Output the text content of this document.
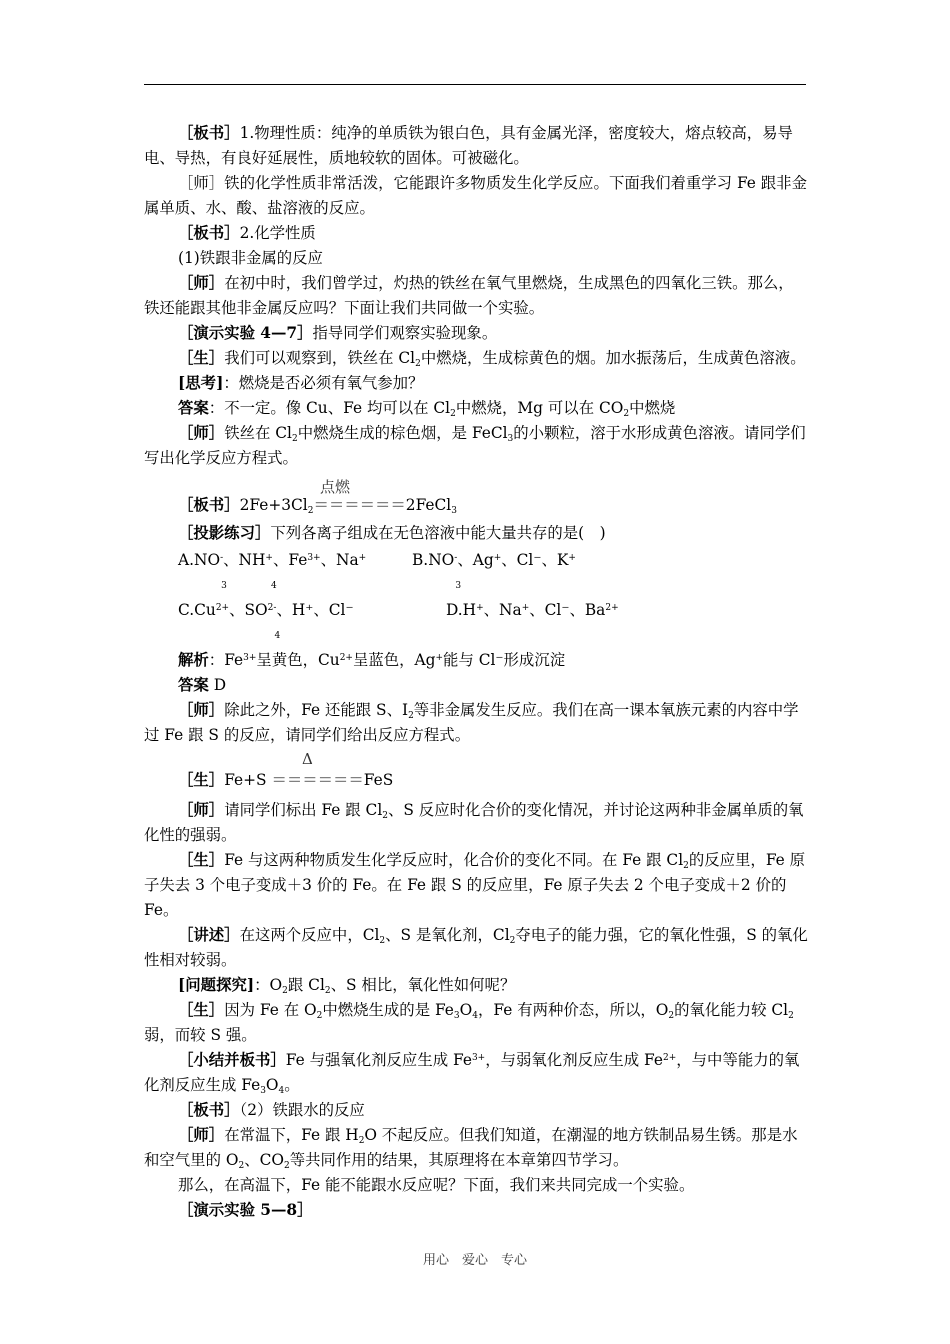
［板书］1.物理性质：纯净的单质铁为银白色，具有金属光泽，密度较大，熔点较高，易导电、导热，有良好延展性，质地较软的固体。可被磁化。

［师］铁的化学性质非常活泼，它能跟许多物质发生化学反应。下面我们着重学习 Fe 跟非金属单质、水、酸、盐溶液的反应。

［板书］2.化学性质

(1)铁跟非金属的反应

［师］在初中时，我们曾学过，灼热的铁丝在氧气里燃烧，生成黑色的四氧化三铁。那么，铁还能跟其他非金属反应吗？下面让我们共同做一个实验。

［演示实验 4—7］指导同学们观察实验现象。

［生］我们可以观察到，铁丝在 $Cl_2$中燃烧，生成棕黄色的烟。加水振荡后，生成黄色溶液。

[思考]：燃烧是否必须有氧气参加？

答案：不一定。像 Cu、Fe 均可以在 $Cl_2$中燃烧，Mg 可以在 $CO_2$中燃烧

［师］铁丝在 $Cl_2$中燃烧生成的棕色烟，是 FeCl$_3$的小颗粒，溶于水形成黄色溶液。请同学们写出化学反应方程式。

点燃
［板书$]2Fe+3Cl_2======2FeCl_3$

［投影练习］下列各离子组成在无色溶液中能大量共存的是(　)

A.NO-
3
、NH+
4
、$Fe^{3+}$、Na+	B.NO-
3
、Ag+、Cl⁻、K+
$C.Cu^{2+}$、$SO^{2-}$
4
、H⁺、Cl⁻	D.H+、Na+、Cl⁻、$Ba^{2+}$

解析：$Fe^{3+}$呈黄色，$Cu^{2+}$呈蓝色，Ag+能与 Cl⁻形成沉淀

答案 D

［师］除此之外，Fe 还能跟 S、$I_2$等非金属发生反应。我们在高一课本氧族元素的内容中学过 Fe 跟 S 的反应，请同学们给出反应方程式。

Δ
［生］Fe+S ＝＝＝＝＝＝FeS

［师］请同学们标出 Fe 跟 $Cl_2$、S 反应时化合价的变化情况，并讨论这两种非金属单质的氧化性的强弱。

［生］Fe 与这两种物质发生化学反应时，化合价的变化不同。在 Fe 跟 $Cl_2$的反应里，Fe 原子失去 3 个电子变成＋3 价的 Fe。在 Fe 跟 S 的反应里，Fe 原子失去 2 个电子变成＋2 价的 Fe。

［讲述］在这两个反应中，$Cl_2$、S 是氧化剂，$Cl_2$夺电子的能力强，它的氧化性强，S 的氧化性相对较弱。

[问题探究]：$O_2$跟 $Cl_2$、S 相比，氧化性如何呢？

［生］因为 Fe 在 $O_2$中燃烧生成的是 $Fe_3O_4$，Fe 有两种价态，所以，$O_2$的氧化能力较 $Cl_2$弱，而较 S 强。

［小结并板书］Fe 与强氧化剂反应生成 $Fe^{3+}$，与弱氧化剂反应生成 $Fe^{2+}$，与中等能力的氧化剂反应生成 $Fe_3O_4$。

［板书］（2）铁跟水的反应

［师］在常温下，Fe 跟 $H_2O$ 不起反应。但我们知道，在潮湿的地方铁制品易生锈。那是水和空气里的 $O_2$、$CO_2$等共同作用的结果，其原理将在本章第四节学习。

那么，在高温下，Fe 能不能跟水反应呢？下面，我们来共同完成一个实验。

［演示实验 5—8］

用心　爱心　专心
